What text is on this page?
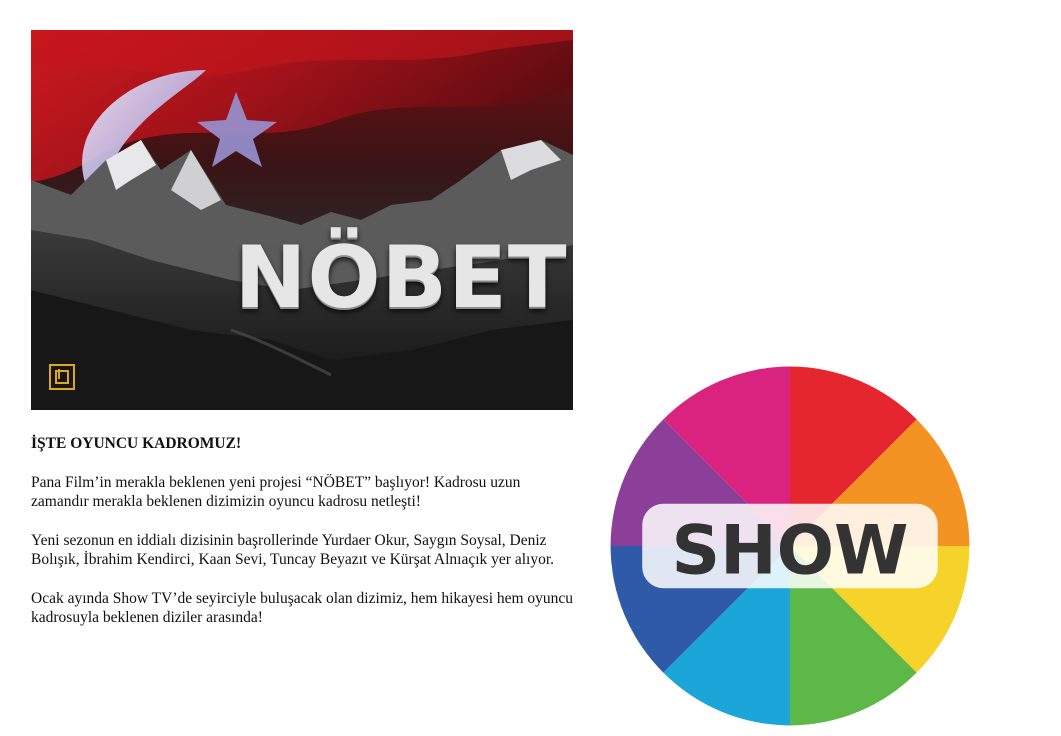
NÖBET
SHOW

İŞTE OYUNCU KADROMUZ!

Pana Film’in merakla beklenen yeni projesi “NÖBET” başlıyor! Kadrosu uzun zamandır merakla beklenen dizimizin oyuncu kadrosu netleşti!

Yeni sezonun en iddialı dizisinin başrollerinde Yurdaer Okur, Saygın Soysal, Deniz Bolışık, İbrahim Kendirci, Kaan Sevi, Tuncay Beyazıt ve Kürşat Alnıaçık yer alıyor.

Ocak ayında Show TV’de seyirciyle buluşacak olan dizimiz, hem hikayesi hem oyuncu kadrosuyla beklenen diziler arasında!
